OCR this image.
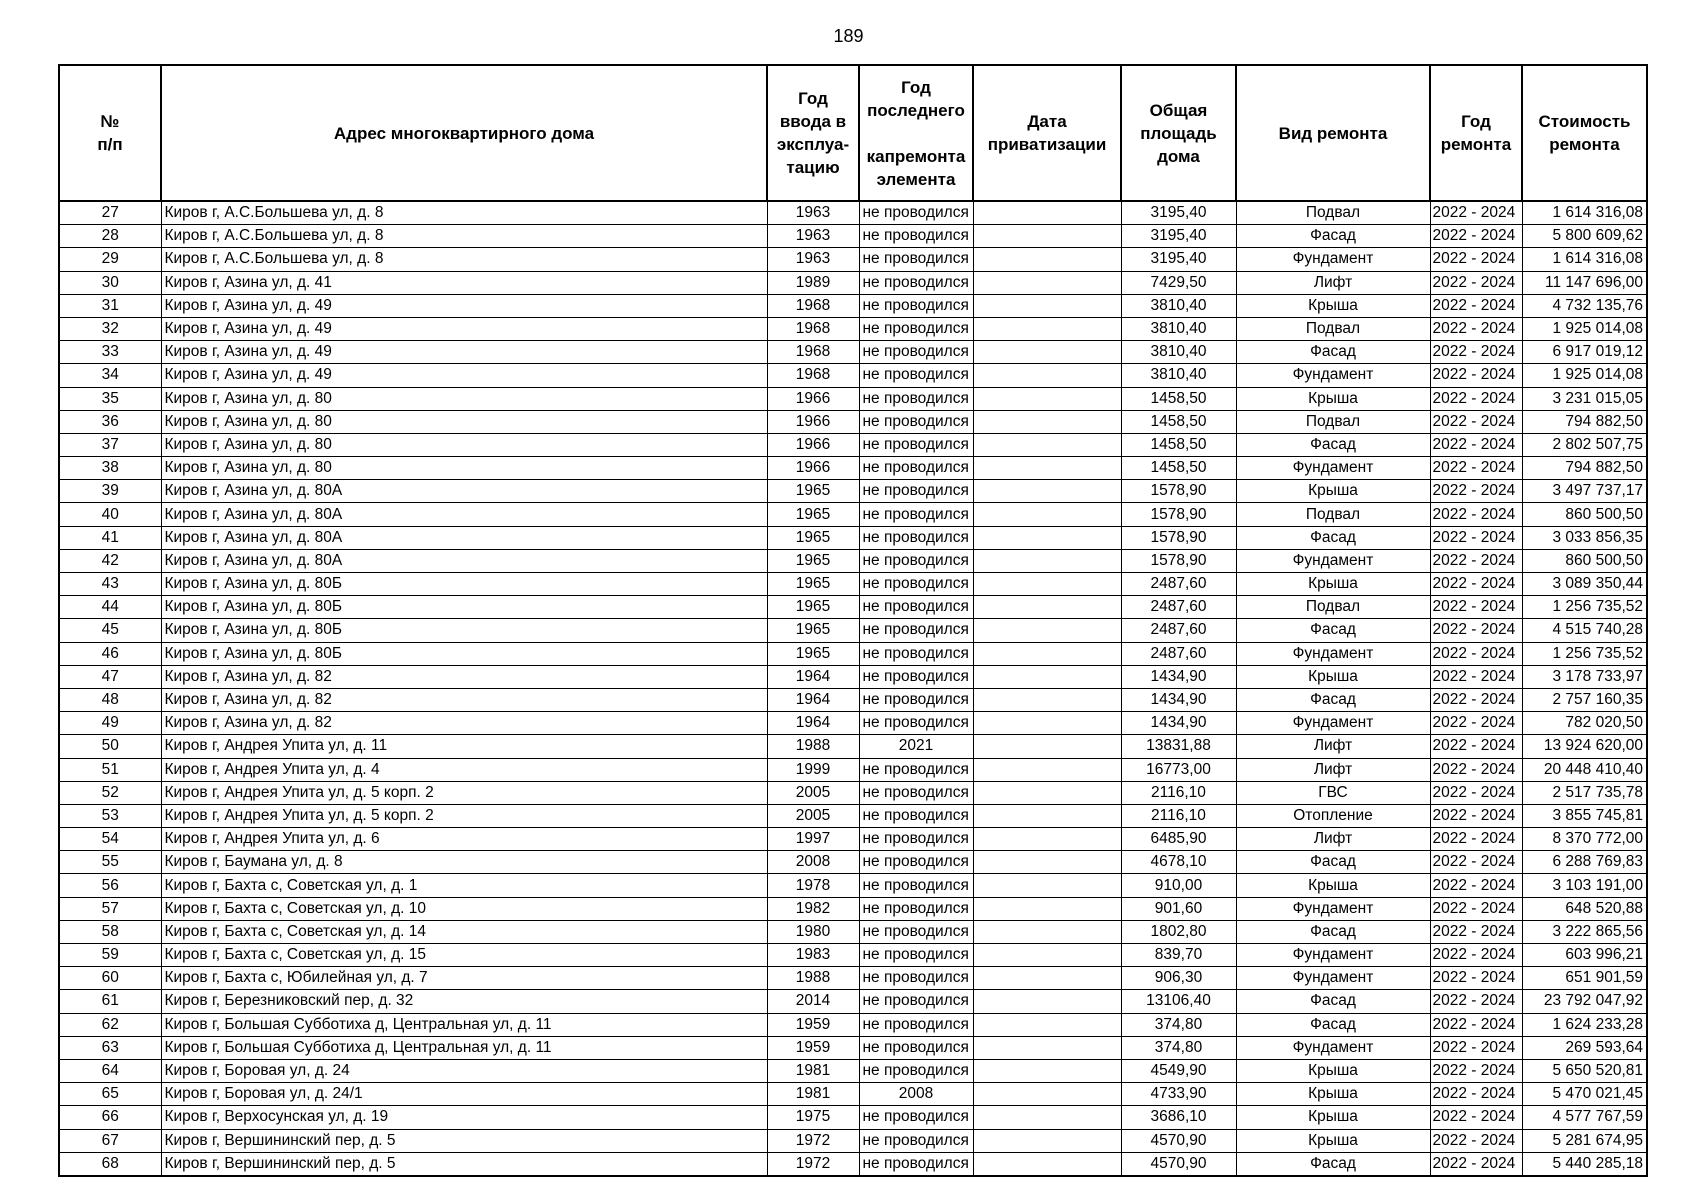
189
№
п/п	Адрес многоквартирного дома	Год
ввода в
эксплуа-
тацию	Год
последнего

капремонта
элемента	Дата
приватизации	Общая
площадь
дома	Вид ремонта	Год
ремонта	Стоимость
ремонта
27	Киров г, А.С.Большева ул, д. 8	1963	не проводился		3195,40	Подвал	2022 - 2024	1 614 316,08
28	Киров г, А.С.Большева ул, д. 8	1963	не проводился		3195,40	Фасад	2022 - 2024	5 800 609,62
29	Киров г, А.С.Большева ул, д. 8	1963	не проводился		3195,40	Фундамент	2022 - 2024	1 614 316,08
30	Киров г, Азина ул, д. 41	1989	не проводился		7429,50	Лифт	2022 - 2024	11 147 696,00
31	Киров г, Азина ул, д. 49	1968	не проводился		3810,40	Крыша	2022 - 2024	4 732 135,76
32	Киров г, Азина ул, д. 49	1968	не проводился		3810,40	Подвал	2022 - 2024	1 925 014,08
33	Киров г, Азина ул, д. 49	1968	не проводился		3810,40	Фасад	2022 - 2024	6 917 019,12
34	Киров г, Азина ул, д. 49	1968	не проводился		3810,40	Фундамент	2022 - 2024	1 925 014,08
35	Киров г, Азина ул, д. 80	1966	не проводился		1458,50	Крыша	2022 - 2024	3 231 015,05
36	Киров г, Азина ул, д. 80	1966	не проводился		1458,50	Подвал	2022 - 2024	794 882,50
37	Киров г, Азина ул, д. 80	1966	не проводился		1458,50	Фасад	2022 - 2024	2 802 507,75
38	Киров г, Азина ул, д. 80	1966	не проводился		1458,50	Фундамент	2022 - 2024	794 882,50
39	Киров г, Азина ул, д. 80А	1965	не проводился		1578,90	Крыша	2022 - 2024	3 497 737,17
40	Киров г, Азина ул, д. 80А	1965	не проводился		1578,90	Подвал	2022 - 2024	860 500,50
41	Киров г, Азина ул, д. 80А	1965	не проводился		1578,90	Фасад	2022 - 2024	3 033 856,35
42	Киров г, Азина ул, д. 80А	1965	не проводился		1578,90	Фундамент	2022 - 2024	860 500,50
43	Киров г, Азина ул, д. 80Б	1965	не проводился		2487,60	Крыша	2022 - 2024	3 089 350,44
44	Киров г, Азина ул, д. 80Б	1965	не проводился		2487,60	Подвал	2022 - 2024	1 256 735,52
45	Киров г, Азина ул, д. 80Б	1965	не проводился		2487,60	Фасад	2022 - 2024	4 515 740,28
46	Киров г, Азина ул, д. 80Б	1965	не проводился		2487,60	Фундамент	2022 - 2024	1 256 735,52
47	Киров г, Азина ул, д. 82	1964	не проводился		1434,90	Крыша	2022 - 2024	3 178 733,97
48	Киров г, Азина ул, д. 82	1964	не проводился		1434,90	Фасад	2022 - 2024	2 757 160,35
49	Киров г, Азина ул, д. 82	1964	не проводился		1434,90	Фундамент	2022 - 2024	782 020,50
50	Киров г, Андрея Упита ул, д. 11	1988	2021		13831,88	Лифт	2022 - 2024	13 924 620,00
51	Киров г, Андрея Упита ул, д. 4	1999	не проводился		16773,00	Лифт	2022 - 2024	20 448 410,40
52	Киров г, Андрея Упита ул, д. 5 корп. 2	2005	не проводился		2116,10	ГВС	2022 - 2024	2 517 735,78
53	Киров г, Андрея Упита ул, д. 5 корп. 2	2005	не проводился		2116,10	Отопление	2022 - 2024	3 855 745,81
54	Киров г, Андрея Упита ул, д. 6	1997	не проводился		6485,90	Лифт	2022 - 2024	8 370 772,00
55	Киров г, Баумана ул, д. 8	2008	не проводился		4678,10	Фасад	2022 - 2024	6 288 769,83
56	Киров г, Бахта с, Советская ул, д. 1	1978	не проводился		910,00	Крыша	2022 - 2024	3 103 191,00
57	Киров г, Бахта с, Советская ул, д. 10	1982	не проводился		901,60	Фундамент	2022 - 2024	648 520,88
58	Киров г, Бахта с, Советская ул, д. 14	1980	не проводился		1802,80	Фасад	2022 - 2024	3 222 865,56
59	Киров г, Бахта с, Советская ул, д. 15	1983	не проводился		839,70	Фундамент	2022 - 2024	603 996,21
60	Киров г, Бахта с, Юбилейная ул, д. 7	1988	не проводился		906,30	Фундамент	2022 - 2024	651 901,59
61	Киров г, Березниковский пер, д. 32	2014	не проводился		13106,40	Фасад	2022 - 2024	23 792 047,92
62	Киров г, Большая Субботиха д, Центральная ул, д. 11	1959	не проводился		374,80	Фасад	2022 - 2024	1 624 233,28
63	Киров г, Большая Субботиха д, Центральная ул, д. 11	1959	не проводился		374,80	Фундамент	2022 - 2024	269 593,64
64	Киров г, Боровая ул, д. 24	1981	не проводился		4549,90	Крыша	2022 - 2024	5 650 520,81
65	Киров г, Боровая ул, д. 24/1	1981	2008		4733,90	Крыша	2022 - 2024	5 470 021,45
66	Киров г, Верхосунская ул, д. 19	1975	не проводился		3686,10	Крыша	2022 - 2024	4 577 767,59
67	Киров г, Вершининский пер, д. 5	1972	не проводился		4570,90	Крыша	2022 - 2024	5 281 674,95
68	Киров г, Вершининский пер, д. 5	1972	не проводился		4570,90	Фасад	2022 - 2024	5 440 285,18
